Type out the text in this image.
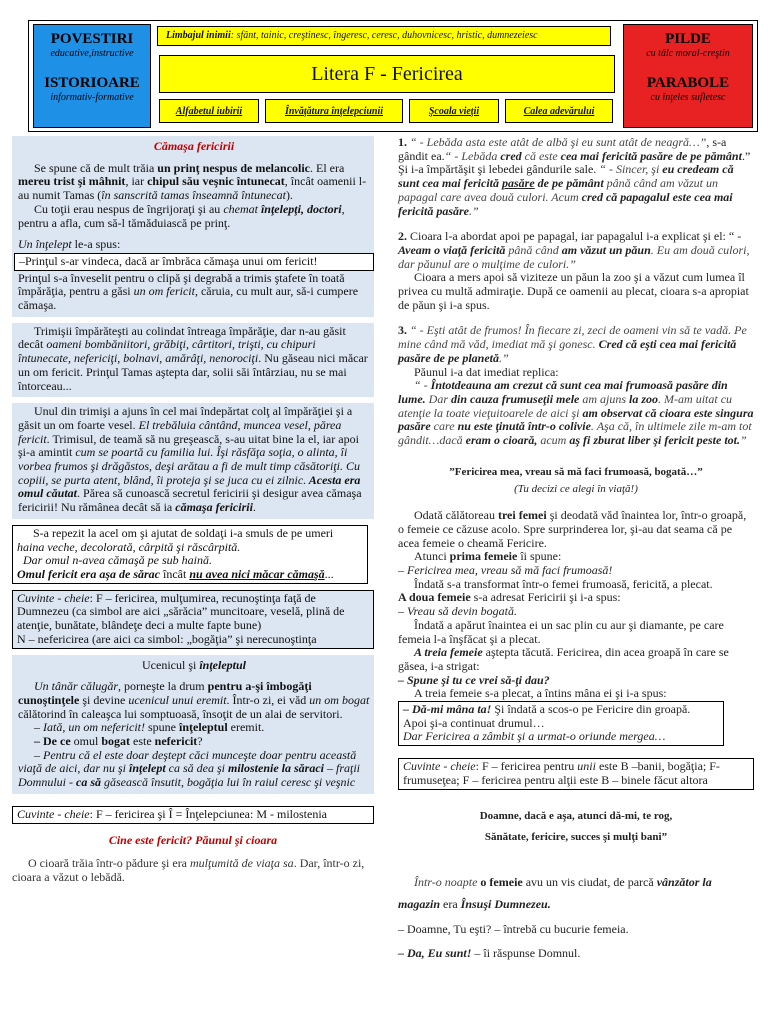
POVESTIRI
educative,instructive
ISTORIOARE
informativ-formative
PILDE
cu tâlc moral-creştin
PARABOLE
cu înţeles sufletesc
Limbajul inimii: sfânt, tainic, creştinesc, îngeresc, ceresc, duhovnicesc, hristic, dumnezeiesc
Litera F - Fericirea
Alfabetul iubirii	Învăţătura înţelepciunii	Şcoala vieţii	Calea adevărului

Cămaşa fericirii

Se spune că de mult trăia un prinţ nespus de melancolic. El era mereu trist şi mâhnit, iar chipul său veşnic întunecat, încât oamenii l-au numit Tamas (în sanscrită tamas înseamnă întunecat).

Cu toţii erau nespus de îngrijoraţi şi au chemat înţelepţi, doctori, pentru a afla, cum să-l tămăduiască pe prinţ.

Un înţelept le-a spus:

–Prinţul s-ar vindeca, dacă ar îmbrăca cămaşa unui om fericit!

Prinţul s-a înveselit pentru o clipă şi degrabă a trimis ştafete în toată împărăţia, pentru a găsi un om fericit, căruia, cu mult aur, să-i cumpere cămaşa.

Trimişii împărăteşti au colindat întreaga împărăţie, dar n-au găsit decât oameni bombăniitori, grăbiţi, cârtitori, trişti, cu chipuri întunecate, nefericiţi, bolnavi, amărâţi, nenorociţi. Nu găseau nici măcar un om fericit. Prinţul Tamas aştepta dar, solii săi întârziau, nu se mai întorceau...

Unul din trimişi a ajuns în cel mai îndepărtat colţ al împărăţiei şi a găsit un om foarte vesel. El trebăluia cântând, muncea vesel, părea fericit. Trimisul, de teamă să nu greşească, s-au uitat bine la el, iar apoi şi-a amintit cum se poartă cu familia lui. Îşi răsfăţa soţia, o alinta, îi vorbea frumos şi drăgăstos, deşi arătau a fi de mult timp căsătoriţi. Cu copiii, se purta atent, blând, îi proteja şi se juca cu ei zilnic. Acesta era omul căutat. Părea să cunoască secretul fericirii şi desigur avea cămaşa fericirii! Nu rămânea decât să ia cămaşa fericirii.

S-a repezit la acel om şi ajutat de soldaţi i-a smuls de pe umeri haina veche, decolorată, cârpită şi răscârpită.

Dar omul n-avea cămaşă pe sub haină.

Omul fericit era aşa de sărac încât nu avea nici măcar cămaşă...

Cuvinte - cheie: F – fericirea, mulţumirea, recunoştinţa faţă de Dumnezeu (ca simbol are aici „sărăcia” muncitoare, veselă, plină de atenţie, bunătate, blândeţe deci a multe fapte bune)

N – nefericirea (are aici ca simbol: „bogăţia” şi nerecunoştinţa

Ucenicul şi înţeleptul

Un tânăr călugăr, porneşte la drum pentru a-şi îmbogăţi cunoştinţele şi devine ucenicul unui eremit. Într-o zi, ei văd un om bogat călătorind în caleaşca lui somptuoasă, însoţit de un alai de servitori.

– Iată, un om nefericit! spune înţeleptul eremit.

– De ce omul bogat este nefericit?

– Pentru că el este doar deştept căci munceşte doar pentru această viaţă de aici, dar nu şi înţelept ca să dea şi milostenie la săraci – fraţii Domnului - ca să găsească însutit, bogăţia lui în raiul ceresc şi veşnic

Cuvinte - cheie: F – fericirea şi Î = Înţelepciunea: M - milostenia

Cine este fericit? Păunul şi cioara

O cioară trăia într-o pădure şi era mulţumită de viaţa sa. Dar, într-o zi, cioara a văzut o lebădă.

1. “ - Lebăda asta este atât de albă şi eu sunt atât de neagră…”, s-a gândit ea.“ - Lebăda cred că este cea mai fericită pasăre de pe pământ.” Şi i-a împărtăşit şi lebedei gândurile sale. “ - Sincer, şi eu credeam că sunt cea mai fericită pasăre de pe pământ până când am văzut un papagal care avea două culori. Acum cred că papagalul este cea mai fericită pasăre.”

2. Cioara l-a abordat apoi pe papagal, iar papagalul i-a explicat şi el: “ - Aveam o viaţă fericită până când am văzut un păun. Eu am două culori, dar păunul are o mulţime de culori.”

Cioara a mers apoi să viziteze un păun la zoo şi a văzut cum lumea îl privea cu multă admiraţie. După ce oamenii au plecat, cioara s-a apropiat de păun şi i-a spus.

3. “ - Eşti atât de frumos! În fiecare zi, zeci de oameni vin să te vadă. Pe mine când mă văd, imediat mă şi gonesc. Cred că eşti cea mai fericită pasăre de pe planetă.”

Păunul i-a dat imediat replica:

“ - Întotdeauna am crezut că sunt cea mai frumoasă pasăre din lume. Dar din cauza frumuseţii mele am ajuns la zoo. M-am uitat cu atenţie la toate vieţuitoarele de aici şi am observat că cioara este singura pasăre care nu este ţinută într-o colivie. Aşa că, în ultimele zile m-am tot gândit…dacă eram o cioară, acum aş fi zburat liber şi fericit peste tot.”

”Fericirea mea, vreau să mă faci frumoasă, bogată…”

(Tu decizi ce alegi în viaţă!)

Odată călătoreau trei femei şi deodată văd înaintea lor, într-o groapă, o femeie ce căzuse acolo. Spre surprinderea lor, şi-au dat seama că pe acea femeie o cheamă Fericire.

Atunci prima femeie îi spune:

– Fericirea mea, vreau să mă faci frumoasă!

Îndată s-a transformat într-o femei frumoasă, fericită, a plecat.

A doua femeie s-a adresat Fericirii şi i-a spus:

– Vreau să devin bogată.

Îndată a apărut înaintea ei un sac plin cu aur şi diamante, pe care femeia l-a înşfăcat şi a plecat.

A treia femeie aştepta tăcută. Fericirea, din acea groapă în care se găsea, i-a strigat:

– Spune şi tu ce vrei să-ţi dau?

A treia femeie s-a plecat, a întins mâna ei şi i-a spus:

– Dă-mi mâna ta! Şi îndată a scos-o pe Fericire din groapă.

Apoi şi-a continuat drumul…

Dar Fericirea a zâmbit şi a urmat-o oriunde mergea…

Cuvinte - cheie: F – fericirea pentru unii este B –banii, bogăţia; F- frumuseţea; F – fericirea pentru alţii este B – binele făcut altora

Doamne, dacă e aşa, atunci dă-mi, te rog,

Sănătate, fericire, succes şi mulţi bani”

Într-o noapte o femeie avu un vis ciudat, de parcă vânzător la magazin era Însuşi Dumnezeu.

– Doamne, Tu eşti? – întrebă cu bucurie femeia.

– Da, Eu sunt! – îi răspunse Domnul.
